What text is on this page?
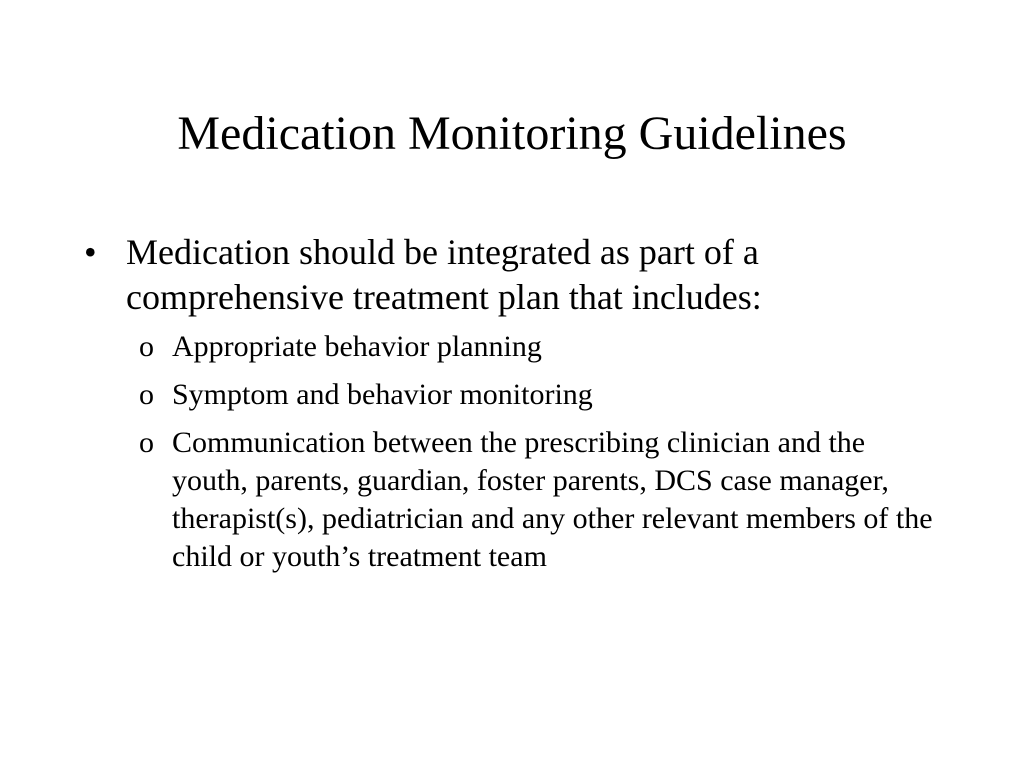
Medication Monitoring Guidelines
• Medication should be integrated as part of a comprehensive treatment plan that includes:
o Appropriate behavior planning
o Symptom and behavior monitoring
o Communication between the prescribing clinician and the youth, parents, guardian, foster parents, DCS case manager, therapist(s), pediatrician and any other relevant members of the child or youth’s treatment team
